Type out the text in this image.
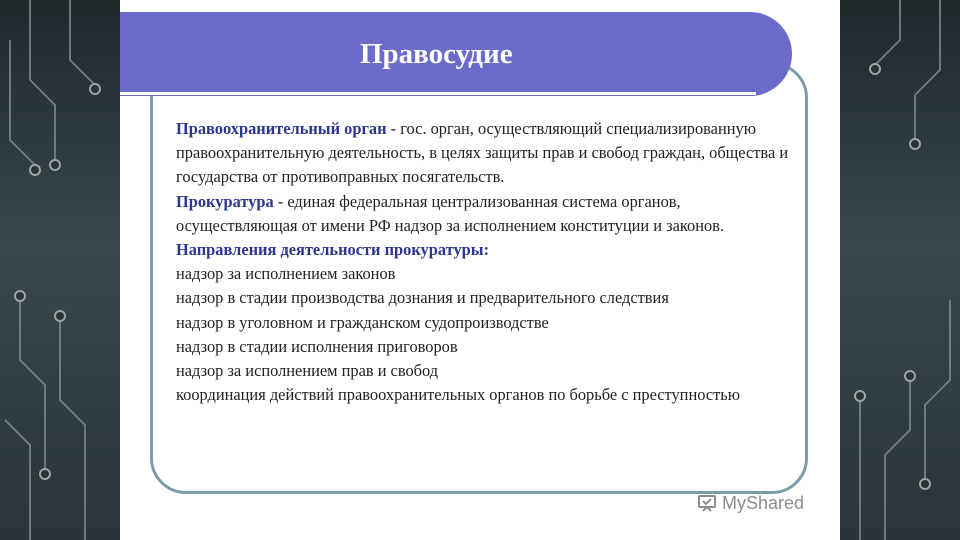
Правосудие

Правоохранительный орган - гос. орган, осуществляющий специализированную правоохранительную деятельность, в целях защиты прав и свобод граждан, общества и государства от противоправных посягательств.

Прокуратура - единая федеральная централизованная система органов, осуществляющая от имени РФ надзор за исполнением конституции и законов.

Направления деятельности прокуратуры:

надзор за исполнением законов

надзор в стадии производства дознания и предварительного следствия

надзор в уголовном и гражданском судопроизводстве

надзор в стадии исполнения приговоров

надзор за исполнением прав и свобод

координация действий правоохранительных органов по борьбе с преступностью

MyShared
